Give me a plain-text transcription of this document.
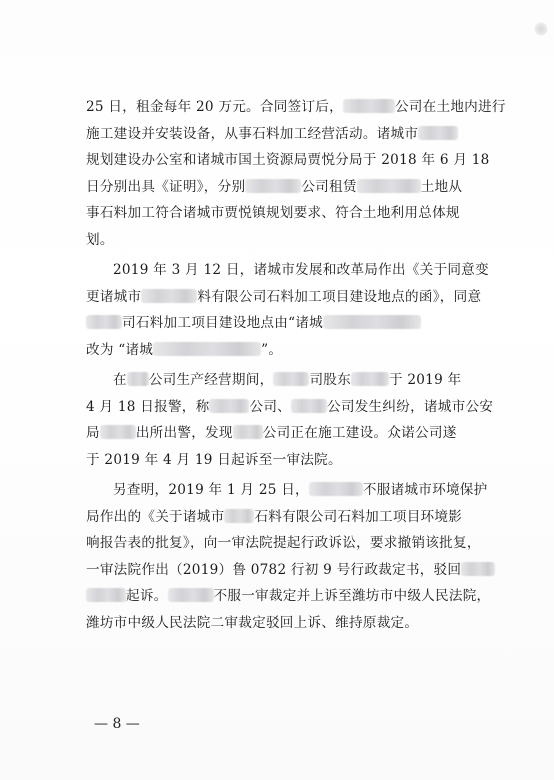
25 日，租金每年 20 万元。合同签订后，	公司在土地内进行
施工建设并安装设备，从事石料加工经营活动。诸城市
规划建设办公室和诸城市国土资源局贾悦分局于 2018 年 6 月 18
日分别出具《证明》，分别	公司租赁	土地从
事石料加工符合诸城市贾悦镇规划要求、符合土地利用总体规
划。
2019 年 3 月 12 日，诸城市发展和改革局作出《关于同意变
更诸城市	料有限公司石料加工项目建设地点的函》，同意
司石料加工项目建设地点由“诸城
改为 “诸城	”。
在 公司生产经营期间，	司股东	于 2019 年
4 月 18 日报警，称	公司、	公司发生纠纷，诸城市公安
局	出所出警，发现 公司正在施工建设。众诺公司遂
于 2019 年 4 月 19 日起诉至一审法院。
另查明，2019 年 1 月 25 日，	不服诸城市环境保护
局作出的《关于诸城市 石料有限公司石料加工项目环境影
响报告表的批复》，向一审法院提起行政诉讼，要求撤销该批复，
一审法院作出（2019）鲁 0782 行初 9 号行政裁定书，驳回
起诉。	不服一审裁定并上诉至潍坊市中级人民法院，
潍坊市中级人民法院二审裁定驳回上诉、维持原裁定。
— 8 —
